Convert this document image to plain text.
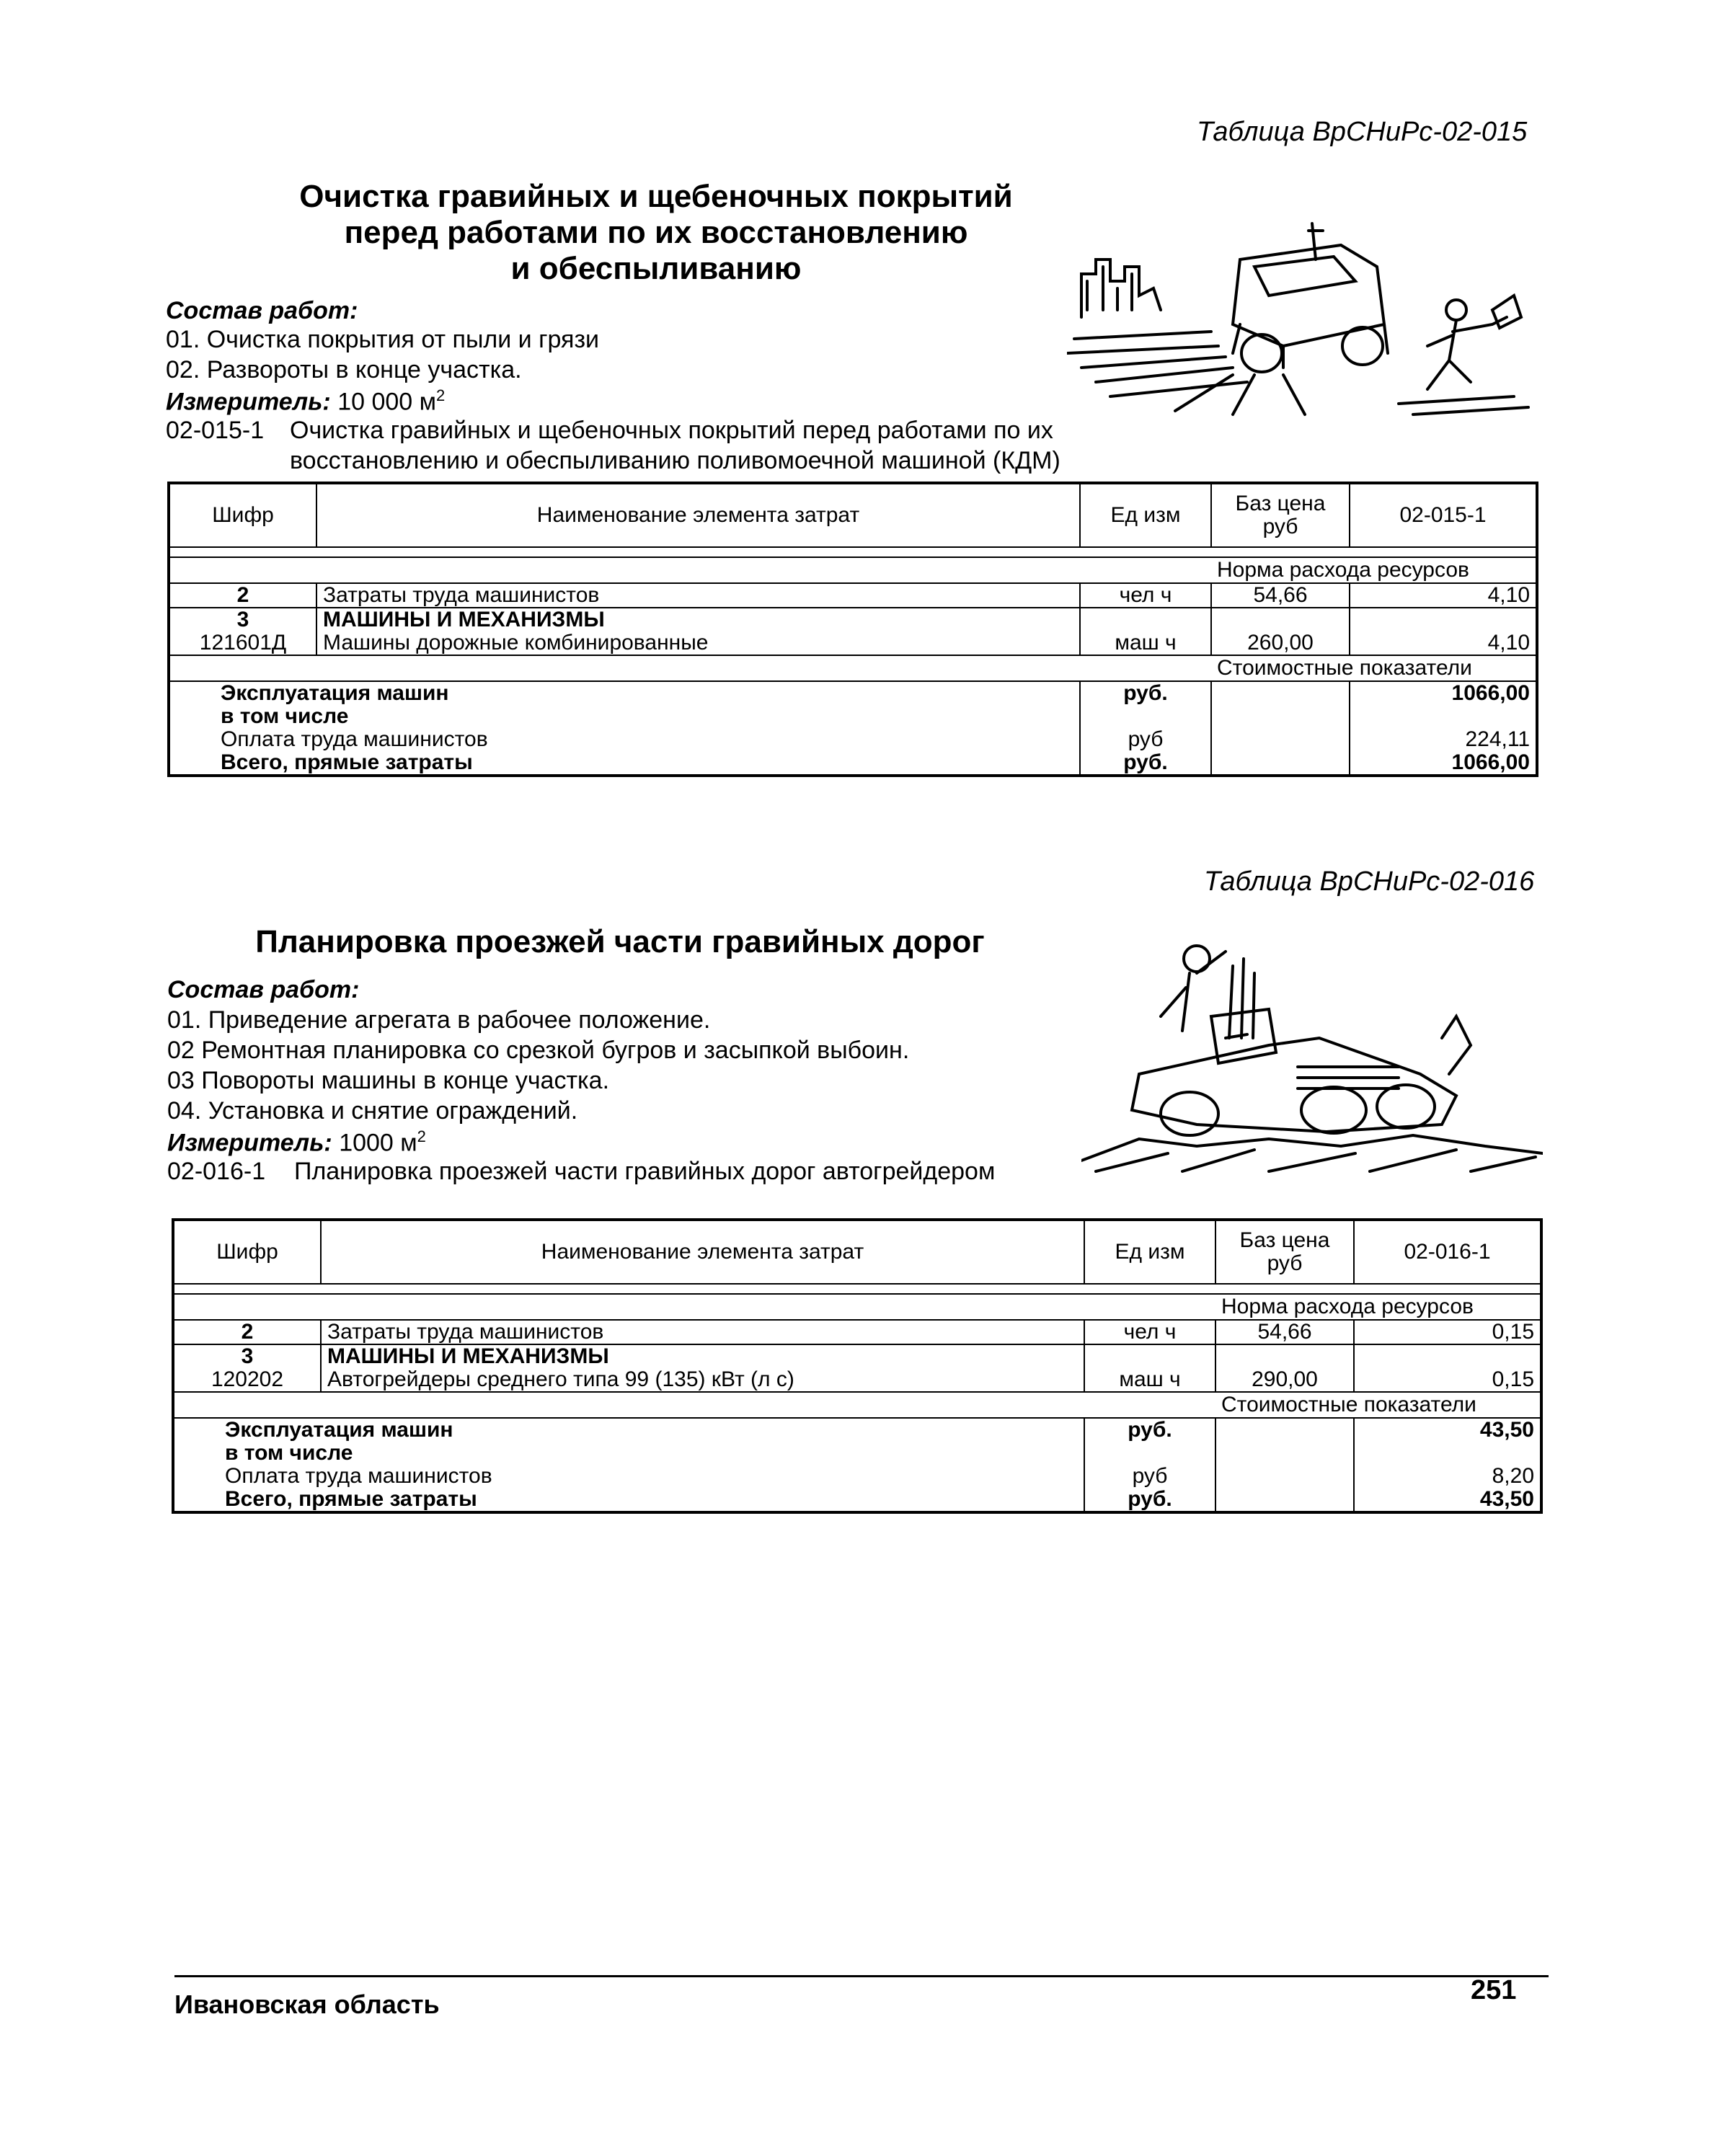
Таблица ВрСНиРс-02-015
Очистка гравийных и щебеночных покрытий
перед работами по их восстановлению
и обеспыливанию
Состав работ:
01. Очистка покрытия от пыли и грязи
02. Развороты в конце участка.
Измеритель: 10 000 $м^2$
02-015-1 Очистка гравийных и щебеночных покрытий перед работами по их
восстановлению и обеспыливанию поливомоечной машиной (КДМ)
Шифр	Наименование элемента затрат	Ед изм	Баз цена руб	02-015-1

			Норма расхода ресурсов	
2	Затраты труда машинистов	чел ч	54,66	4,10
3	МАШИНЫ И МЕХАНИЗМЫ			
121601Д	Машины дорожные комбинированные	маш ч	260,00	4,10
			Стоимостные показатели	
Эксплуатация машин		руб.		1066,00
в том числе				
Оплата труда машинистов		руб		224,11
Всего, прямые затраты		руб.		1066,00
Таблица ВрСНиРс-02-016
Планировка проезжей части гравийных дорог
Состав работ:
01. Приведение агрегата в рабочее положение.
02 Ремонтная планировка со срезкой бугров и засыпкой выбоин.
03 Повороты машины в конце участка.
04. Установка и снятие ограждений.
Измеритель: 1000 $м^2$
02-016-1 Планировка проезжей части гравийных дорог автогрейдером
Шифр	Наименование элемента затрат	Ед изм	Баз цена руб	02-016-1

			Норма расхода ресурсов	
2	Затраты труда машинистов	чел ч	54,66	0,15
3	МАШИНЫ И МЕХАНИЗМЫ			
120202	Автогрейдеры среднего типа 99 (135) кВт (л с)	маш ч	290,00	0,15
			Стоимостные показатели	
Эксплуатация машин		руб.		43,50
в том числе				
Оплата труда машинистов		руб		8,20
Всего, прямые затраты		руб.		43,50
Ивановская область	251
